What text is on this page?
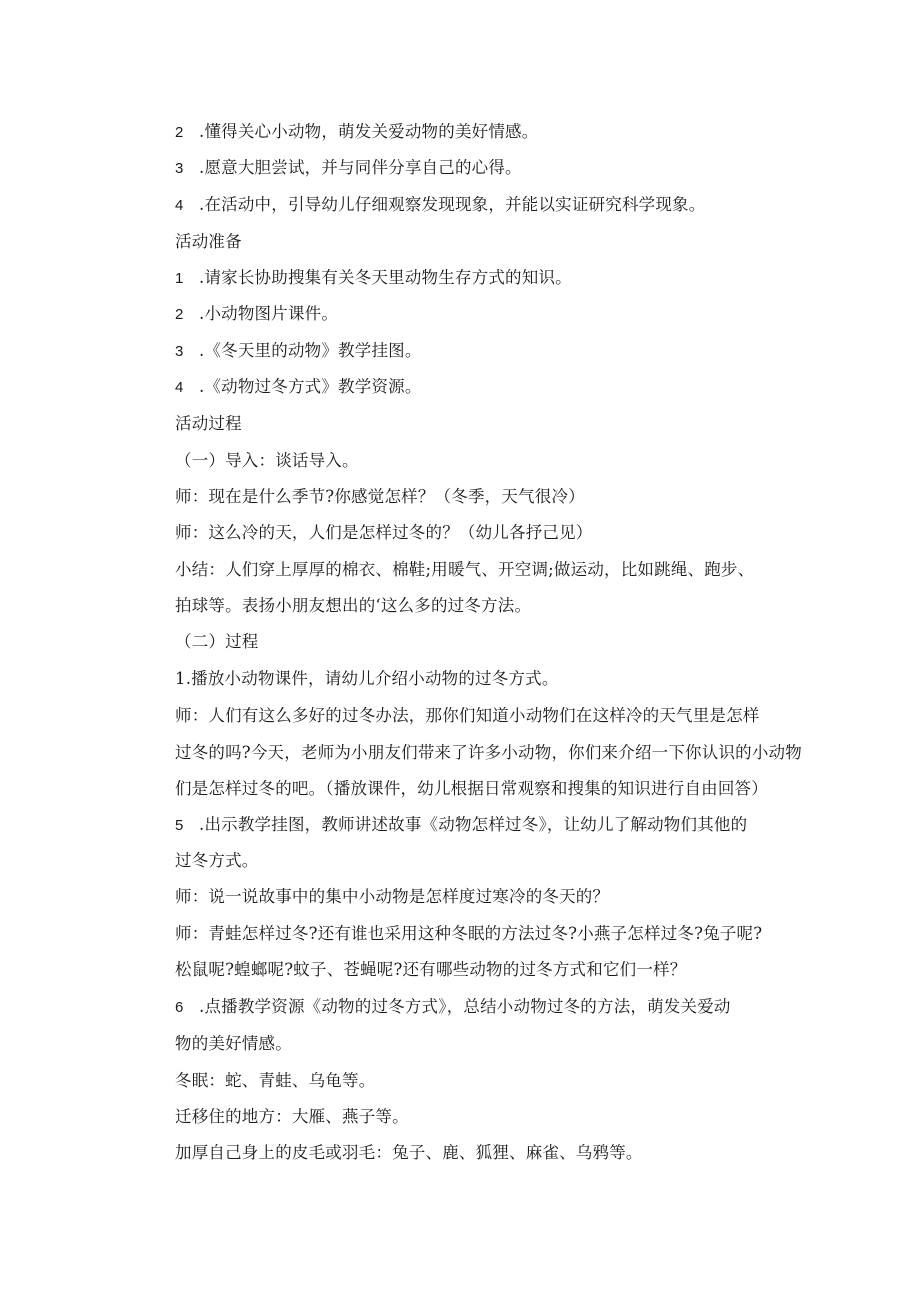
2 .懂得关心小动物，萌发关爱动物的美好情感。
3 .愿意大胆尝试，并与同伴分享自己的心得。
4 .在活动中，引导幼儿仔细观察发现现象，并能以实证研究科学现象。
活动准备
1 .请家长协助搜集有关冬天里动物生存方式的知识。
2 .小动物图片课件。
3 .《冬天里的动物》教学挂图。
4 .《动物过冬方式》教学资源。
活动过程
（一）导入：谈话导入。
师：现在是什么季节?你感觉怎样？（冬季，天气很冷）
师：这么冷的天，人们是怎样过冬的？（幼儿各抒己见）
小结：人们穿上厚厚的棉衣、棉鞋;用暖气、开空调;做运动，比如跳绳、跑步、
拍球等。表扬小朋友想出的‘这么多的过冬方法。
（二）过程
1.播放小动物课件，请幼儿介绍小动物的过冬方式。
师：人们有这么多好的过冬办法，那你们知道小动物们在这样冷的天气里是怎样
过冬的吗?今天，老师为小朋友们带来了许多小动物，你们来介绍一下你认识的小动物
们是怎样过冬的吧。（播放课件，幼儿根据日常观察和搜集的知识进行自由回答）
5 .出示教学挂图，教师讲述故事《动物怎样过冬》，让幼儿了解动物们其他的
过冬方式。
师：说一说故事中的集中小动物是怎样度过寒冷的冬天的？
师：青蛙怎样过冬?还有谁也采用这种冬眠的方法过冬?小燕子怎样过冬?兔子呢?
松鼠呢?蝗螂呢?蚊子、苍蝇呢?还有哪些动物的过冬方式和它们一样？
6 .点播教学资源《动物的过冬方式》，总结小动物过冬的方法，萌发关爱动
物的美好情感。
冬眠：蛇、青蛙、乌龟等。
迁移住的地方：大雁、燕子等。
加厚自己身上的皮毛或羽毛：兔子、鹿、狐狸、麻雀、乌鸦等。
